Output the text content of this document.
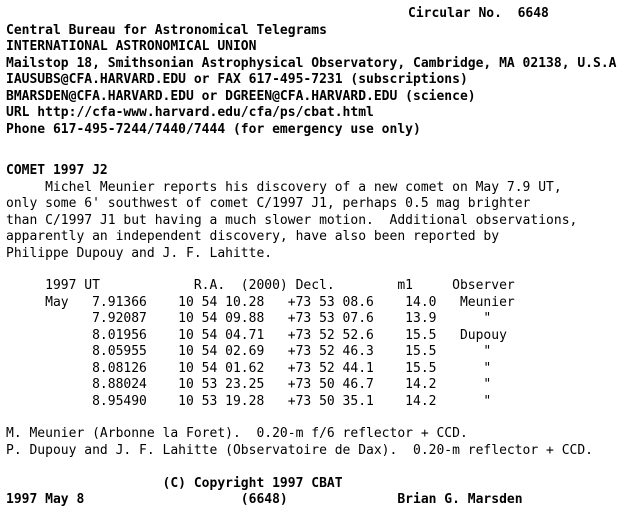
Circular No.  6648
Central Bureau for Astronomical Telegrams
INTERNATIONAL ASTRONOMICAL UNION
Mailstop 18, Smithsonian Astrophysical Observatory, Cambridge, MA 02138, U.S.A
IAUSUBS@CFA.HARVARD.EDU or FAX 617-495-7231 (subscriptions)
BMARSDEN@CFA.HARVARD.EDU or DGREEN@CFA.HARVARD.EDU (science)
URL http://cfa-www.harvard.edu/cfa/ps/cbat.html
Phone 617-495-7244/7440/7444 (for emergency use only)
COMET 1997 J2
Michel Meunier reports his discovery of a new comet on May 7.9 UT,
only some 6' southwest of comet C/1997 J1, perhaps 0.5 mag brighter
than C/1997 J1 but having a much slower motion.  Additional observations,
apparently an independent discovery, have also been reported by
Philippe Dupouy and J. F. Lahitte.
1997 UT            R.A.  (2000) Decl.        m1     Observer
May   7.91366    10 54 10.28   +73 53 08.6    14.0   Meunier
7.92087    10 54 09.88   +73 53 07.6    13.9      "
8.01956    10 54 04.71   +73 52 52.6    15.5   Dupouy
8.05955    10 54 02.69   +73 52 46.3    15.5      "
8.08126    10 54 01.62   +73 52 44.1    15.5      "
8.88024    10 53 23.25   +73 50 46.7    14.2      "
8.95490    10 53 19.28   +73 50 35.1    14.2      "
M. Meunier (Arbonne la Foret).  0.20-m f/6 reflector + CCD.
P. Dupouy and J. F. Lahitte (Observatoire de Dax).  0.20-m reflector + CCD.
(C) Copyright 1997 CBAT
1997 May 8                    (6648)              Brian G. Marsden
